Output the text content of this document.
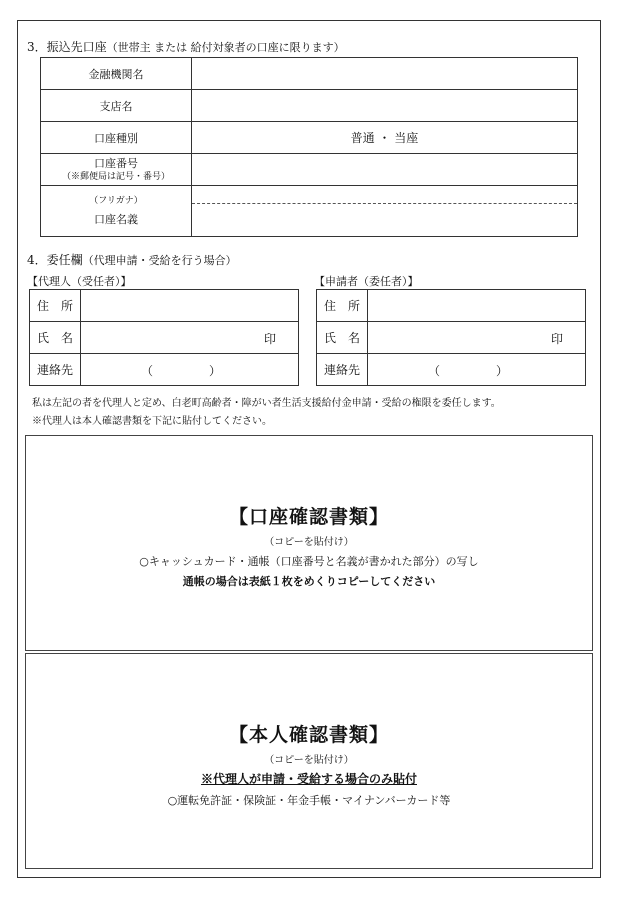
3．振込先口座（世帯主 または 給付対象者の口座に限ります）
金融機関名	
支店名	
口座種別	普通 ・ 当座

口座番号
（※郵便局は記号・番号）	

（フリガナ）
口座名義	

4．委任欄（代理申請・受給を行う場合）
【代理人（受任者）】	【申請者（委任者）】
住　所	
氏　名	印

連絡先	（ ）
住　所	
氏　名	印

連絡先	（ ）
私は左記の者を代理人と定め、白老町高齢者・障がい者生活支援給付金申請・受給の権限を委任します。
※代理人は本人確認書類を下記に貼付してください。
【口座確認書類】
（コピーを貼付け）
○キャッシュカード・通帳（口座番号と名義が書かれた部分）の写し
通帳の場合は表紙１枚をめくりコピーしてください
【本人確認書類】
（コピーを貼付け）
※代理人が申請・受給する場合のみ貼付
○運転免許証・保険証・年金手帳・マイナンバーカード等
